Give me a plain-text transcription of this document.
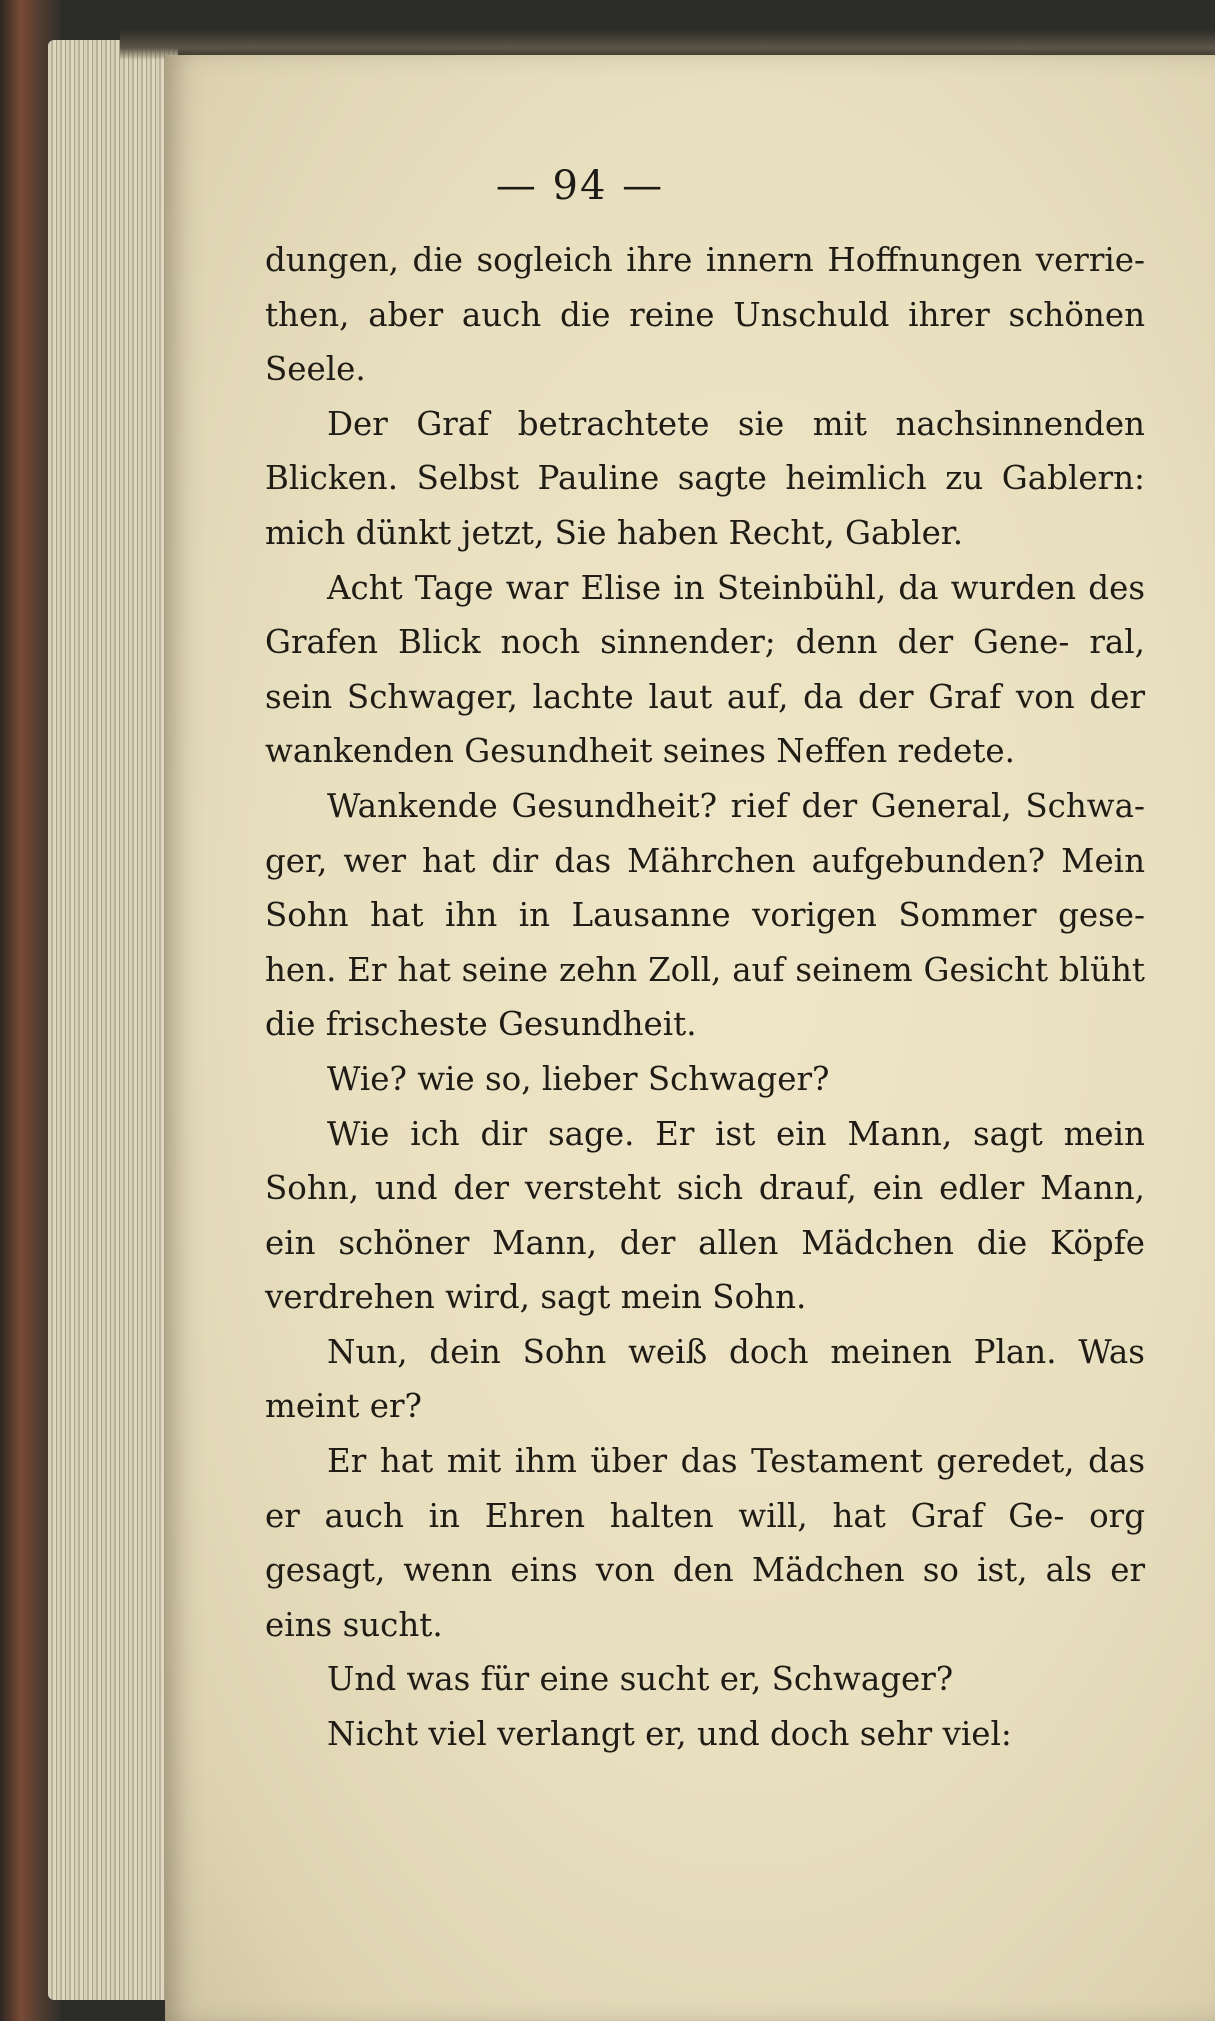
— 94 —

dungen, die sogleich ihre innern Hoffnungen verrie- then, aber auch die reine Unschuld ihrer schönen Seele.

Der Graf betrachtete sie mit nachsinnenden Blicken. Selbst Pauline sagte heimlich zu Gablern: mich dünkt jetzt, Sie haben Recht, Gabler.

Acht Tage war Elise in Steinbühl, da wurden des Grafen Blick noch sinnender; denn der Gene- ral, sein Schwager, lachte laut auf, da der Graf von der wankenden Gesundheit seines Neffen redete.

Wankende Gesundheit? rief der General, Schwa- ger, wer hat dir das Mährchen aufgebunden? Mein Sohn hat ihn in Lausanne vorigen Sommer gese- hen. Er hat seine zehn Zoll, auf seinem Gesicht blüht die frischeste Gesundheit.

Wie? wie so, lieber Schwager?

Wie ich dir sage. Er ist ein Mann, sagt mein Sohn, und der versteht sich drauf, ein edler Mann, ein schöner Mann, der allen Mädchen die Köpfe verdrehen wird, sagt mein Sohn.

Nun, dein Sohn weiß doch meinen Plan. Was meint er?

Er hat mit ihm über das Testament geredet, das er auch in Ehren halten will, hat Graf Ge- org gesagt, wenn eins von den Mädchen so ist, als er eins sucht.

Und was für eine sucht er, Schwager?

Nicht viel verlangt er, und doch sehr viel:
